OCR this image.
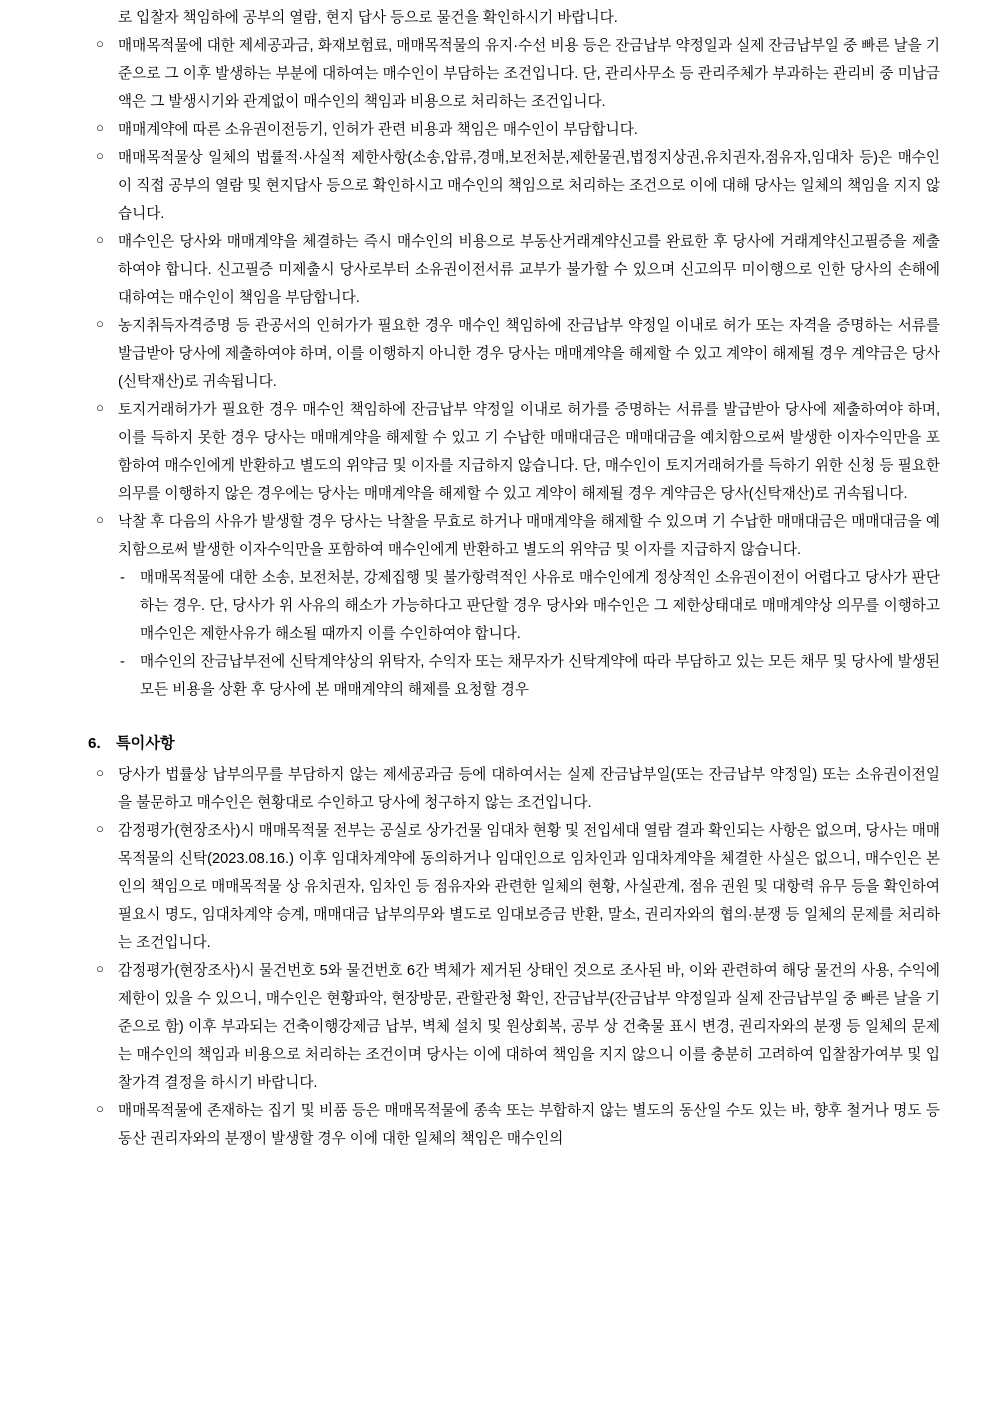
로 입찰자 책임하에 공부의 열람, 현지 답사 등으로 물건을 확인하시기 바랍니다.
○ 매매목적물에 대한 제세공과금, 화재보험료, 매매목적물의 유지·수선 비용 등은 잔금납부 약정일과 실제 잔금납부일 중 빠른 날을 기준으로 그 이후 발생하는 부분에 대하여는 매수인이 부담하는 조건입니다. 단, 관리사무소 등 관리주체가 부과하는 관리비 중 미납금액은 그 발생시기와 관계없이 매수인의 책임과 비용으로 처리하는 조건입니다.

○ 매매계약에 따른 소유권이전등기, 인허가 관련 비용과 책임은 매수인이 부담합니다.

○ 매매목적물상 일체의 법률적·사실적 제한사항(소송,압류,경매,보전처분,제한물권,법정지상권,유치권자,점유자,임대차 등)은 매수인이 직접 공부의 열람 및 현지답사 등으로 확인하시고 매수인의 책임으로 처리하는 조건으로 이에 대해 당사는 일체의 책임을 지지 않습니다.

○ 매수인은 당사와 매매계약을 체결하는 즉시 매수인의 비용으로 부동산거래계약신고를 완료한 후 당사에 거래계약신고필증을 제출하여야 합니다. 신고필증 미제출시 당사로부터 소유권이전서류 교부가 불가할 수 있으며 신고의무 미이행으로 인한 당사의 손해에 대하여는 매수인이 책임을 부담합니다.

○ 농지취득자격증명 등 관공서의 인허가가 필요한 경우 매수인 책임하에 잔금납부 약정일 이내로 허가 또는 자격을 증명하는 서류를 발급받아 당사에 제출하여야 하며, 이를 이행하지 아니한 경우 당사는 매매계약을 해제할 수 있고 계약이 해제될 경우 계약금은 당사(신탁재산)로 귀속됩니다.

○ 토지거래허가가 필요한 경우 매수인 책임하에 잔금납부 약정일 이내로 허가를 증명하는 서류를 발급받아 당사에 제출하여야 하며, 이를 득하지 못한 경우 당사는 매매계약을 해제할 수 있고 기 수납한 매매대금은 매매대금을 예치함으로써 발생한 이자수익만을 포함하여 매수인에게 반환하고 별도의 위약금 및 이자를 지급하지 않습니다. 단, 매수인이 토지거래허가를 득하기 위한 신청 등 필요한 의무를 이행하지 않은 경우에는 당사는 매매계약을 해제할 수 있고 계약이 해제될 경우 계약금은 당사(신탁재산)로 귀속됩니다.

○ 낙찰 후 다음의 사유가 발생할 경우 당사는 낙찰을 무효로 하거나 매매계약을 해제할 수 있으며 기 수납한 매매대금은 매매대금을 예치함으로써 발생한 이자수익만을 포함하여 매수인에게 반환하고 별도의 위약금 및 이자를 지급하지 않습니다.

- 매매목적물에 대한 소송, 보전처분, 강제집행 및 불가항력적인 사유로 매수인에게 정상적인 소유권이전이 어렵다고 당사가 판단하는 경우. 단, 당사가 위 사유의 해소가 가능하다고 판단할 경우 당사와 매수인은 그 제한상태대로 매매계약상 의무를 이행하고 매수인은 제한사유가 해소될 때까지 이를 수인하여야 합니다.

- 매수인의 잔금납부전에 신탁계약상의 위탁자, 수익자 또는 채무자가 신탁계약에 따라 부담하고 있는 모든 채무 및 당사에 발생된 모든 비용을 상환 후 당사에 본 매매계약의 해제를 요청할 경우

6. 특이사항
○ 당사가 법률상 납부의무를 부담하지 않는 제세공과금 등에 대하여서는 실제 잔금납부일(또는 잔금납부 약정일) 또는 소유권이전일을 불문하고 매수인은 현황대로 수인하고 당사에 청구하지 않는 조건입니다.

○ 감정평가(현장조사)시 매매목적물 전부는 공실로 상가건물 임대차 현황 및 전입세대 열람 결과 확인되는 사항은 없으며, 당사는 매매목적물의 신탁(2023.08.16.) 이후 임대차계약에 동의하거나 임대인으로 임차인과 임대차계약을 체결한 사실은 없으니, 매수인은 본인의 책임으로 매매목적물 상 유치권자, 임차인 등 점유자와 관련한 일체의 현황, 사실관계, 점유 권원 및 대항력 유무 등을 확인하여 필요시 명도, 임대차계약 승계, 매매대금 납부의무와 별도로 임대보증금 반환, 말소, 권리자와의 협의·분쟁 등 일체의 문제를 처리하는 조건입니다.

○ 감정평가(현장조사)시 물건번호 5와 물건번호 6간 벽체가 제거된 상태인 것으로 조사된 바, 이와 관련하여 해당 물건의 사용, 수익에 제한이 있을 수 있으니, 매수인은 현황파악, 현장방문, 관할관청 확인, 잔금납부(잔금납부 약정일과 실제 잔금납부일 중 빠른 날을 기준으로 함) 이후 부과되는 건축이행강제금 납부, 벽체 설치 및 원상회복, 공부 상 건축물 표시 변경, 권리자와의 분쟁 등 일체의 문제는 매수인의 책임과 비용으로 처리하는 조건이며 당사는 이에 대하여 책임을 지지 않으니 이를 충분히 고려하여 입찰참가여부 및 입찰가격 결정을 하시기 바랍니다.

○ 매매목적물에 존재하는 집기 및 비품 등은 매매목적물에 종속 또는 부합하지 않는 별도의 동산일 수도 있는 바, 향후 철거나 명도 등 동산 권리자와의 분쟁이 발생할 경우 이에 대한 일체의 책임은 매수인의
